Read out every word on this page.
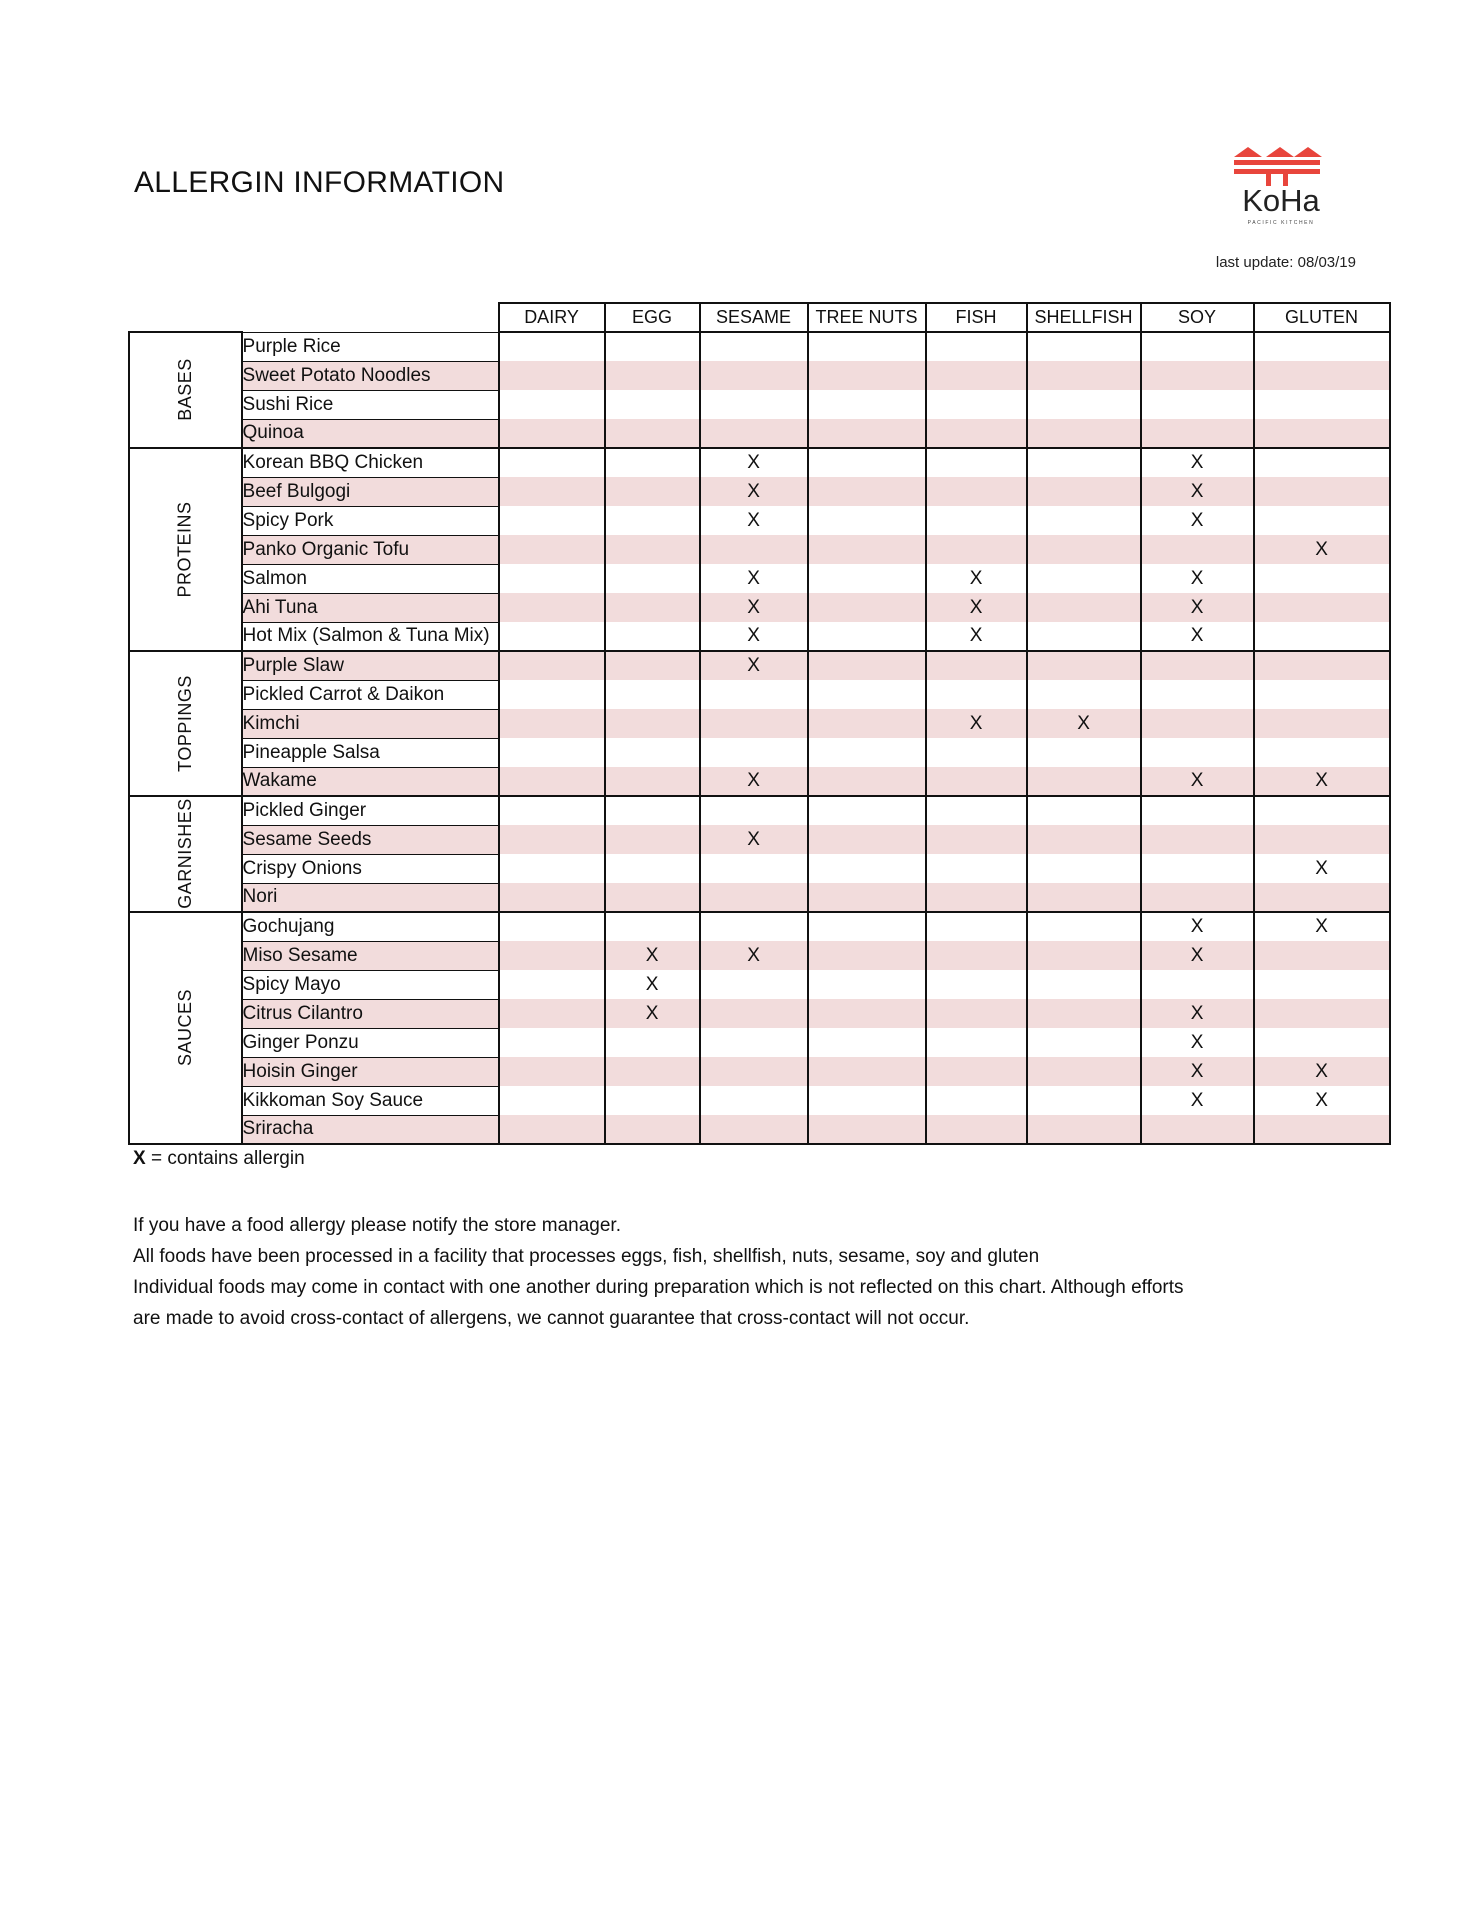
ALLERGIN INFORMATION
KoHa
PACIFIC KITCHEN
last update: 08/03/19
		DAIRY	EGG	SESAME	TREE NUTS	FISH	SHELLFISH	SOY	GLUTEN
BASES	Purple Rice								
	Sweet Potato Noodles								
	Sushi Rice								
	Quinoa								
PROTEINS	Korean BBQ Chicken			X				X	
	Beef Bulgogi			X				X	
	Spicy Pork			X				X	
	Panko Organic Tofu								X
	Salmon			X		X		X	
	Ahi Tuna			X		X		X	
	Hot Mix (Salmon & Tuna Mix)			X		X		X	
TOPPINGS	Purple Slaw			X					
	Pickled Carrot & Daikon								
	Kimchi					X	X		
	Pineapple Salsa								
	Wakame			X				X	X
GARNISHES	Pickled Ginger								
	Sesame Seeds			X					
	Crispy Onions								X
	Nori								
SAUCES	Gochujang							X	X
	Miso Sesame		X	X				X	
	Spicy Mayo		X						
	Citrus Cilantro		X					X	
	Ginger Ponzu							X	
	Hoisin Ginger							X	X
	Kikkoman Soy Sauce							X	X
	Sriracha								
X = contains allergin

If you have a food allergy please notify the store manager.

All foods have been processed in a facility that processes eggs, fish, shellfish, nuts, sesame, soy and gluten

Individual foods may come in contact with one another during preparation which is not reflected on this chart. Although efforts

are made to avoid cross-contact of allergens, we cannot guarantee that cross-contact will not occur.
